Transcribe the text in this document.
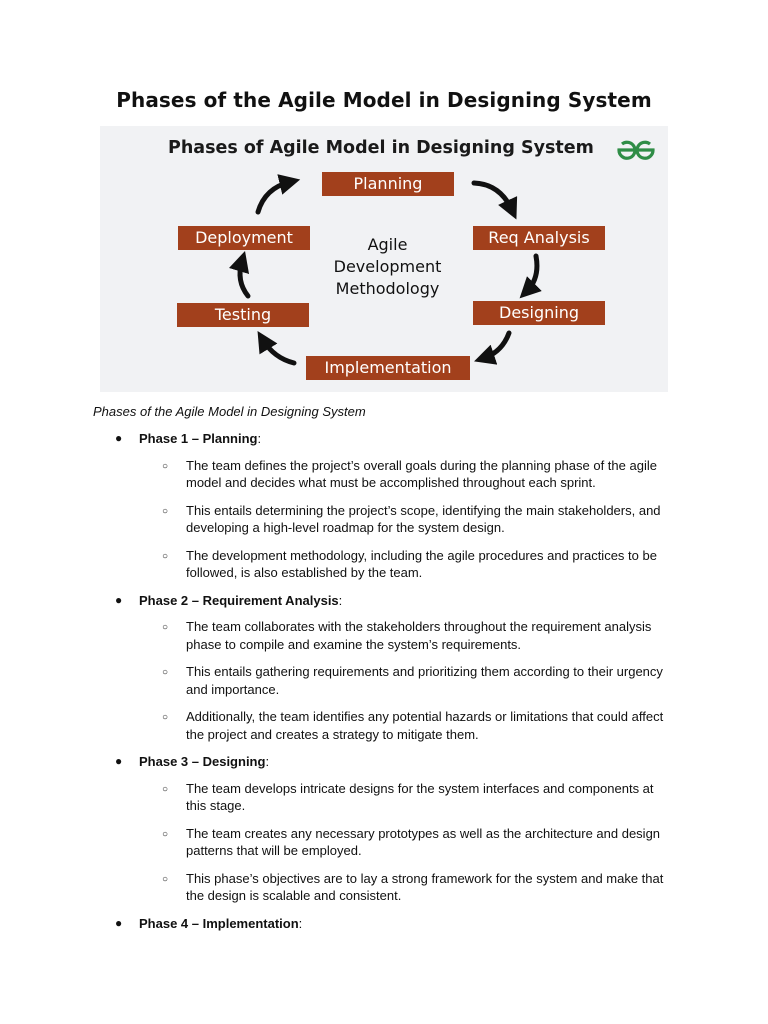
Phases of the Agile Model in Designing System
Phases of Agile Model in Designing System
Planning
Req Analysis
Designing
Implementation
Testing
Deployment	Agile
Development
Methodology
Phases of the Agile Model in Designing System
● Phase 1 – Planning:
○ The team defines the project’s overall goals during the planning phase of the agile model and decides what must be accomplished throughout each sprint.
○ This entails determining the project’s scope, identifying the main stakeholders, and developing a high-level roadmap for the system design.
○ The development methodology, including the agile procedures and practices to be followed, is also established by the team.
● Phase 2 – Requirement Analysis:
○ The team collaborates with the stakeholders throughout the requirement analysis phase to compile and examine the system’s requirements.
○ This entails gathering requirements and prioritizing them according to their urgency and importance.
○ Additionally, the team identifies any potential hazards or limitations that could affect the project and creates a strategy to mitigate them.
● Phase 3 – Designing:
○ The team develops intricate designs for the system interfaces and components at this stage.
○ The team creates any necessary prototypes as well as the architecture and design patterns that will be employed.
○ This phase’s objectives are to lay a strong framework for the system and make that the design is scalable and consistent.
● Phase 4 – Implementation:
